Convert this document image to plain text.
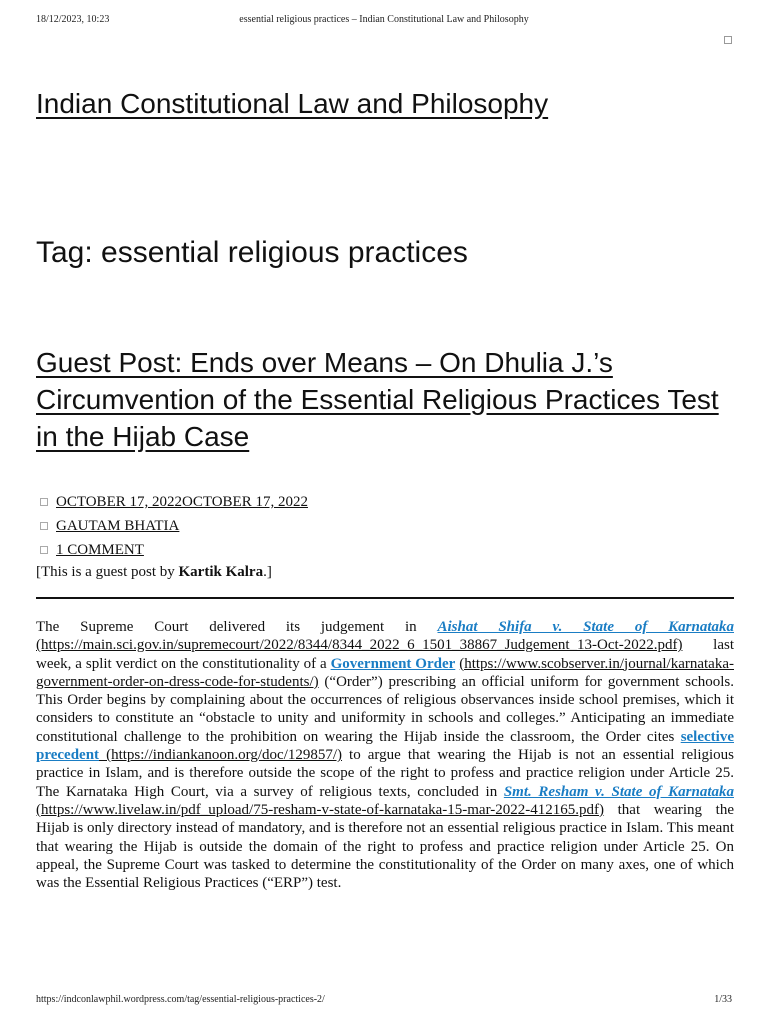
18/12/2023, 10:23	essential religious practices – Indian Constitutional Law and Philosophy
Indian Constitutional Law and Philosophy
Tag: essential religious practices
Guest Post: Ends over Means – On Dhulia J.’s Circumvention of the Essential Religious Practices Test in the Hijab Case
OCTOBER 17, 2022OCTOBER 17, 2022
GAUTAM BHATIA
1 COMMENT
[This is a guest post by Kartik Kalra.]

The Supreme Court delivered its judgement in Aishat Shifa v. State of Karnataka (https://main.sci.gov.in/supremecourt/2022/8344/8344_2022_6_1501_38867_Judgement_13-Oct-2022.pdf) last week, a split verdict on the constitutionality of a Government Order (https://www.scobserver.in/journal/karnataka-government-order-on-dress-code-for-students/) (“Order”) prescribing an official uniform for government schools. This Order begins by complaining about the occurrences of religious observances inside school premises, which it considers to constitute an “obstacle to unity and uniformity in schools and colleges.” Anticipating an immediate constitutional challenge to the prohibition on wearing the Hijab inside the classroom, the Order cites selective precedent (https://indiankanoon.org/doc/129857/) to argue that wearing the Hijab is not an essential religious practice in Islam, and is therefore outside the scope of the right to profess and practice religion under Article 25. The Karnataka High Court, via a survey of religious texts, concluded in Smt. Resham v. State of Karnataka (https://www.livelaw.in/pdf_upload/75-resham-v-state-of-karnataka-15-mar-2022-412165.pdf) that wearing the Hijab is only directory instead of mandatory, and is therefore not an essential religious practice in Islam. This meant that wearing the Hijab is outside the domain of the right to profess and practice religion under Article 25. On appeal, the Supreme Court was tasked to determine the constitutionality of the Order on many axes, one of which was the Essential Religious Practices (“ERP”) test.

https://indconlawphil.wordpress.com/tag/essential-religious-practices-2/	1/33
